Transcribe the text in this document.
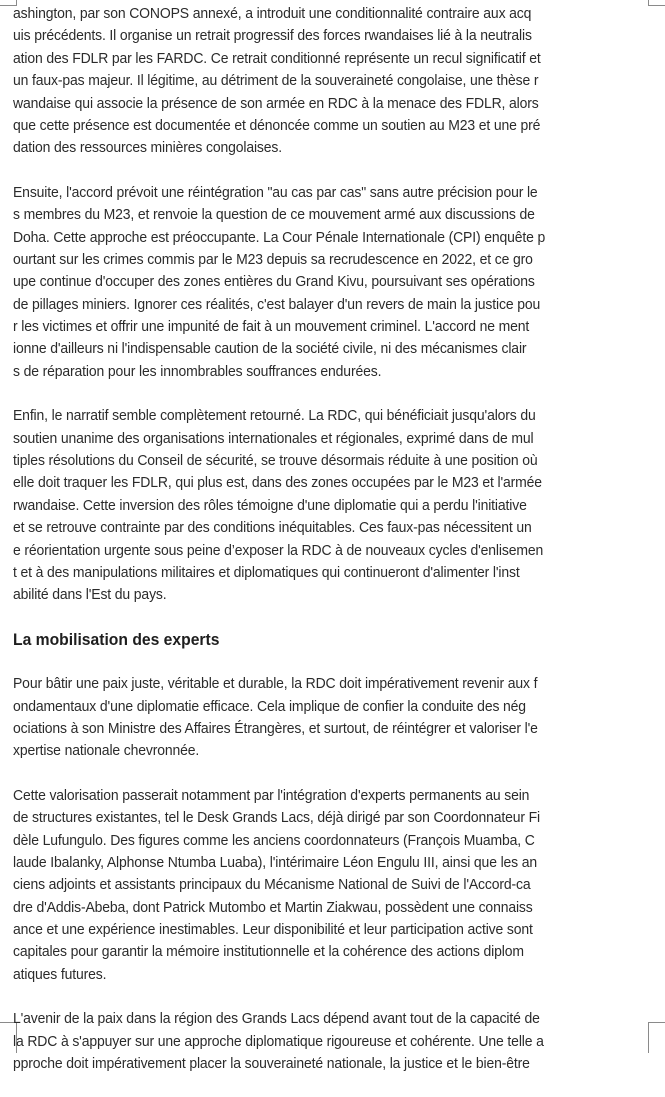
ashington, par son CONOPS annexé, a introduit une conditionnalité contraire aux acq
uis précédents. Il organise un retrait progressif des forces rwandaises lié à la neutralis
ation des FDLR par les FARDC. Ce retrait conditionné représente un recul significatif et
un faux-pas majeur. Il légitime, au détriment de la souveraineté congolaise, une thèse r
wandaise qui associe la présence de son armée en RDC à la menace des FDLR, alors
que cette présence est documentée et dénoncée comme un soutien au M23 et une pré
dation des ressources minières congolaises.

Ensuite, l'accord prévoit une réintégration "au cas par cas" sans autre précision pour le
s membres du M23, et renvoie la question de ce mouvement armé aux discussions de
Doha. Cette approche est préoccupante. La Cour Pénale Internationale (CPI) enquête p
ourtant sur les crimes commis par le M23 depuis sa recrudescence en 2022, et ce gro
upe continue d'occuper des zones entières du Grand Kivu, poursuivant ses opérations
de pillages miniers. Ignorer ces réalités, c'est balayer d'un revers de main la justice pou
r les victimes et offrir une impunité de fait à un mouvement criminel. L'accord ne ment
ionne d'ailleurs ni l'indispensable caution de la société civile, ni des mécanismes clair
s de réparation pour les innombrables souffrances endurées.

Enfin, le narratif semble complètement retourné. La RDC, qui bénéficiait jusqu'alors du
soutien unanime des organisations internationales et régionales, exprimé dans de mul
tiples résolutions du Conseil de sécurité, se trouve désormais réduite à une position où
elle doit traquer les FDLR, qui plus est, dans des zones occupées par le M23 et l'armée
rwandaise. Cette inversion des rôles témoigne d'une diplomatie qui a perdu l'initiative
et se retrouve contrainte par des conditions inéquitables. Ces faux-pas nécessitent un
e réorientation urgente sous peine d’exposer la RDC à de nouveaux cycles d'enlisemen
t et à des manipulations militaires et diplomatiques qui continueront d'alimenter l'inst
abilité dans l'Est du pays.

La mobilisation des experts

Pour bâtir une paix juste, véritable et durable, la RDC doit impérativement revenir aux f
ondamentaux d'une diplomatie efficace. Cela implique de confier la conduite des nég
ociations à son Ministre des Affaires Étrangères, et surtout, de réintégrer et valoriser l'e
xpertise nationale chevronnée.

Cette valorisation passerait notamment par l'intégration d'experts permanents au sein
de structures existantes, tel le Desk Grands Lacs, déjà dirigé par son Coordonnateur Fi
dèle Lufungulo. Des figures comme les anciens coordonnateurs (François Muamba, C
laude Ibalanky, Alphonse Ntumba Luaba), l'intérimaire Léon Engulu III, ainsi que les an
ciens adjoints et assistants principaux du Mécanisme National de Suivi de l'Accord-ca
dre d'Addis-Abeba, dont Patrick Mutombo et Martin Ziakwau, possèdent une connaiss
ance et une expérience inestimables. Leur disponibilité et leur participation active sont
capitales pour garantir la mémoire institutionnelle et la cohérence des actions diplom
atiques futures.

L'avenir de la paix dans la région des Grands Lacs dépend avant tout de la capacité de
la RDC à s'appuyer sur une approche diplomatique rigoureuse et cohérente. Une telle a
pproche doit impérativement placer la souveraineté nationale, la justice et le bien-être
